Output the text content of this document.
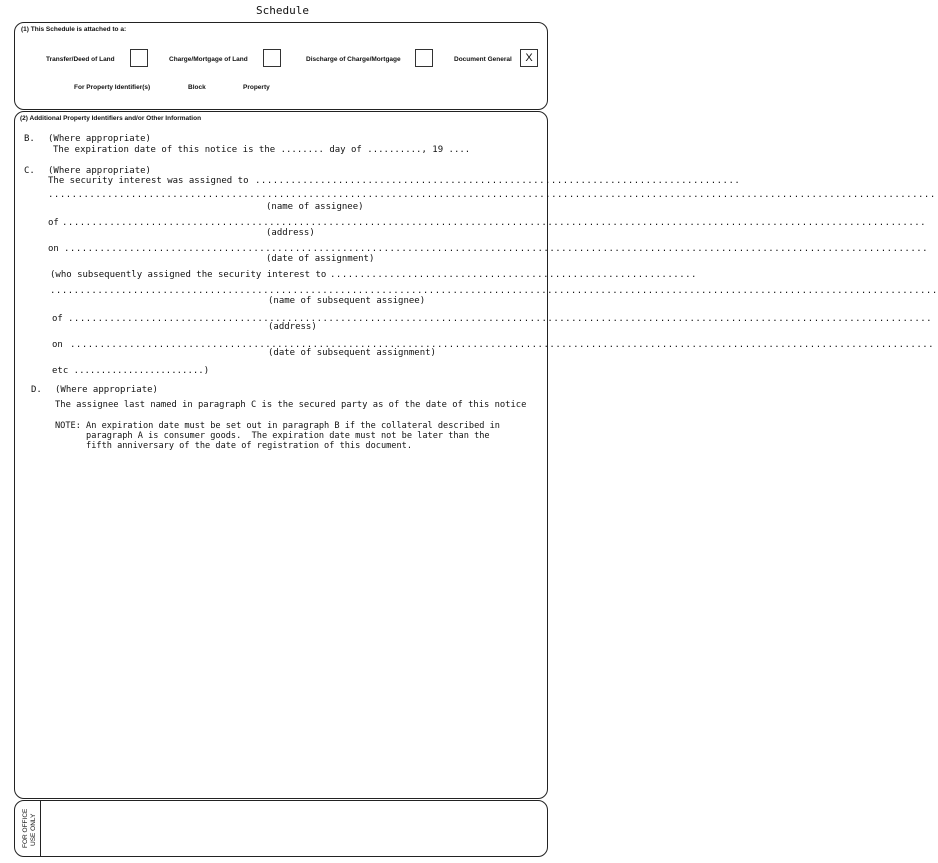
Schedule
(1) This Schedule is attached to a:
Transfer/Deed of Land	Charge/Mortgage of Land	Discharge of Charge/Mortgage	Document General	X
For Property Identifier(s)	Block	Property
(2) Additional Property Identifiers and/or Other Information
B. (Where appropriate)
The expiration date of this notice is the ........ day of .........., 19 ....
C. (Where appropriate)
The security interest was assigned to ..................................................................................
......................................................................................................................................................
(name of assignee)
of ..................................................................................................................................................
(address)
on ..................................................................................................................................................
(date of assignment)
(who subsequently assigned the security interest to ..............................................................
......................................................................................................................................................
(name of subsequent assignee)
of ..................................................................................................................................................
(address)
on ..................................................................................................................................................
(date of subsequent assignment)
etc ........................)
D. (Where appropriate)
The assignee last named in paragraph C is the secured party as of the date of this notice
NOTE: An expiration date must be set out in paragraph B if the collateral described in
paragraph A is consumer goods.  The expiration date must not be later than the
fifth anniversary of the date of registration of this document.
FOR OFFICE USE ONLY
